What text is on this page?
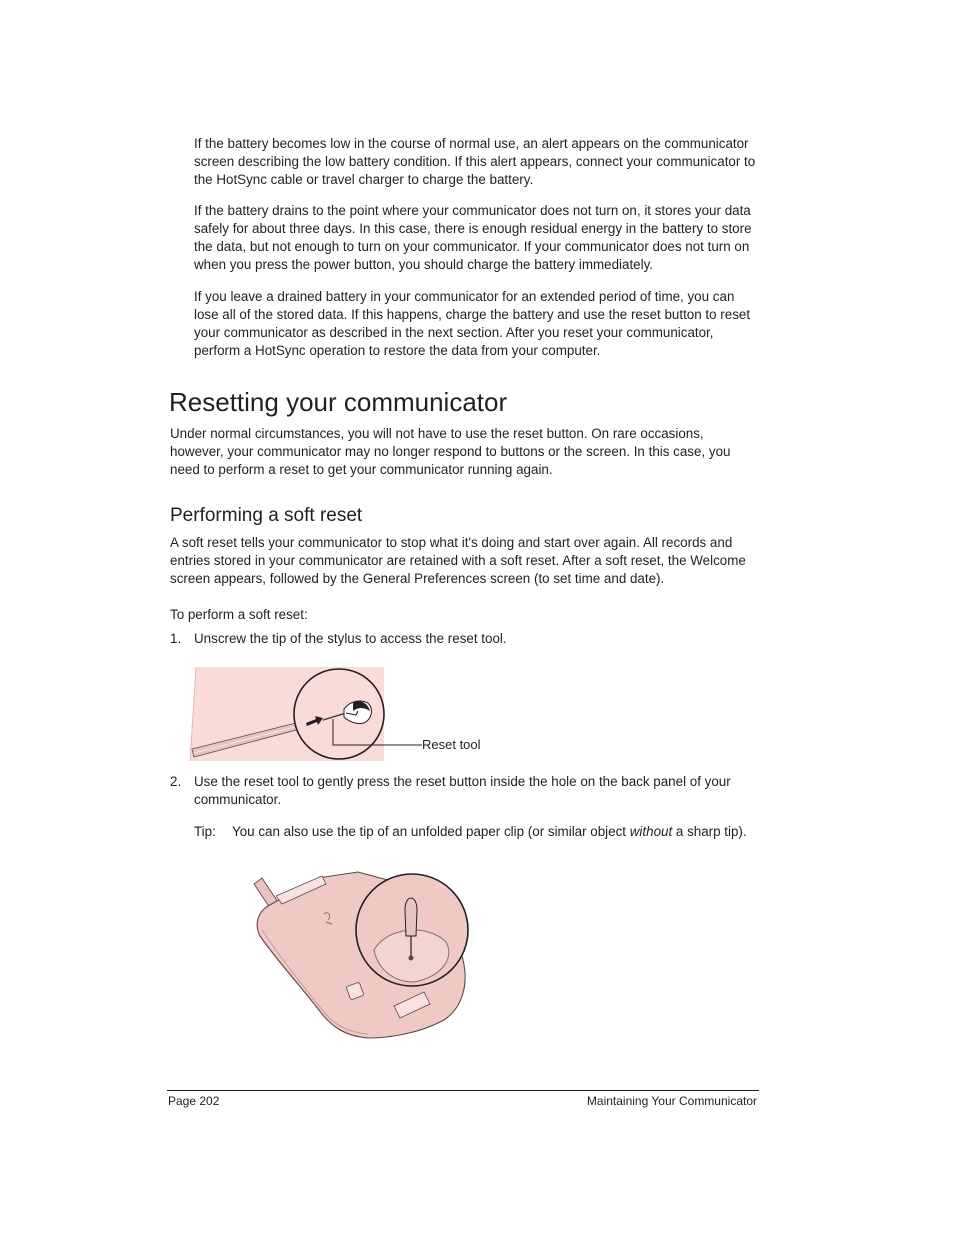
If the battery becomes low in the course of normal use, an alert appears on the communicator screen describing the low battery condition. If this alert appears, connect your communicator to the HotSync cable or travel charger to charge the battery.

If the battery drains to the point where your communicator does not turn on, it stores your data safely for about three days. In this case, there is enough residual energy in the battery to store the data, but not enough to turn on your communicator. If your communicator does not turn on when you press the power button, you should charge the battery immediately.

If you leave a drained battery in your communicator for an extended period of time, you can lose all of the stored data. If this happens, charge the battery and use the reset button to reset your communicator as described in the next section. After you reset your communicator, perform a HotSync operation to restore the data from your computer.

Resetting your communicator

Under normal circumstances, you will not have to use the reset button. On rare occasions, however, your communicator may no longer respond to buttons or the screen. In this case, you need to perform a reset to get your communicator running again.

Performing a soft reset

A soft reset tells your communicator to stop what it's doing and start over again. All records and entries stored in your communicator are retained with a soft reset. After a soft reset, the Welcome screen appears, followed by the General Preferences screen (to set time and date).

To perform a soft reset:

1. Unscrew the tip of the stylus to access the reset tool.

Reset tool
2. Use the reset tool to gently press the reset button inside the hole on the back panel of your communicator.

Tip: You can also use the tip of an unfolded paper clip (or similar object without a sharp tip).
Page 202	Maintaining Your Communicator
